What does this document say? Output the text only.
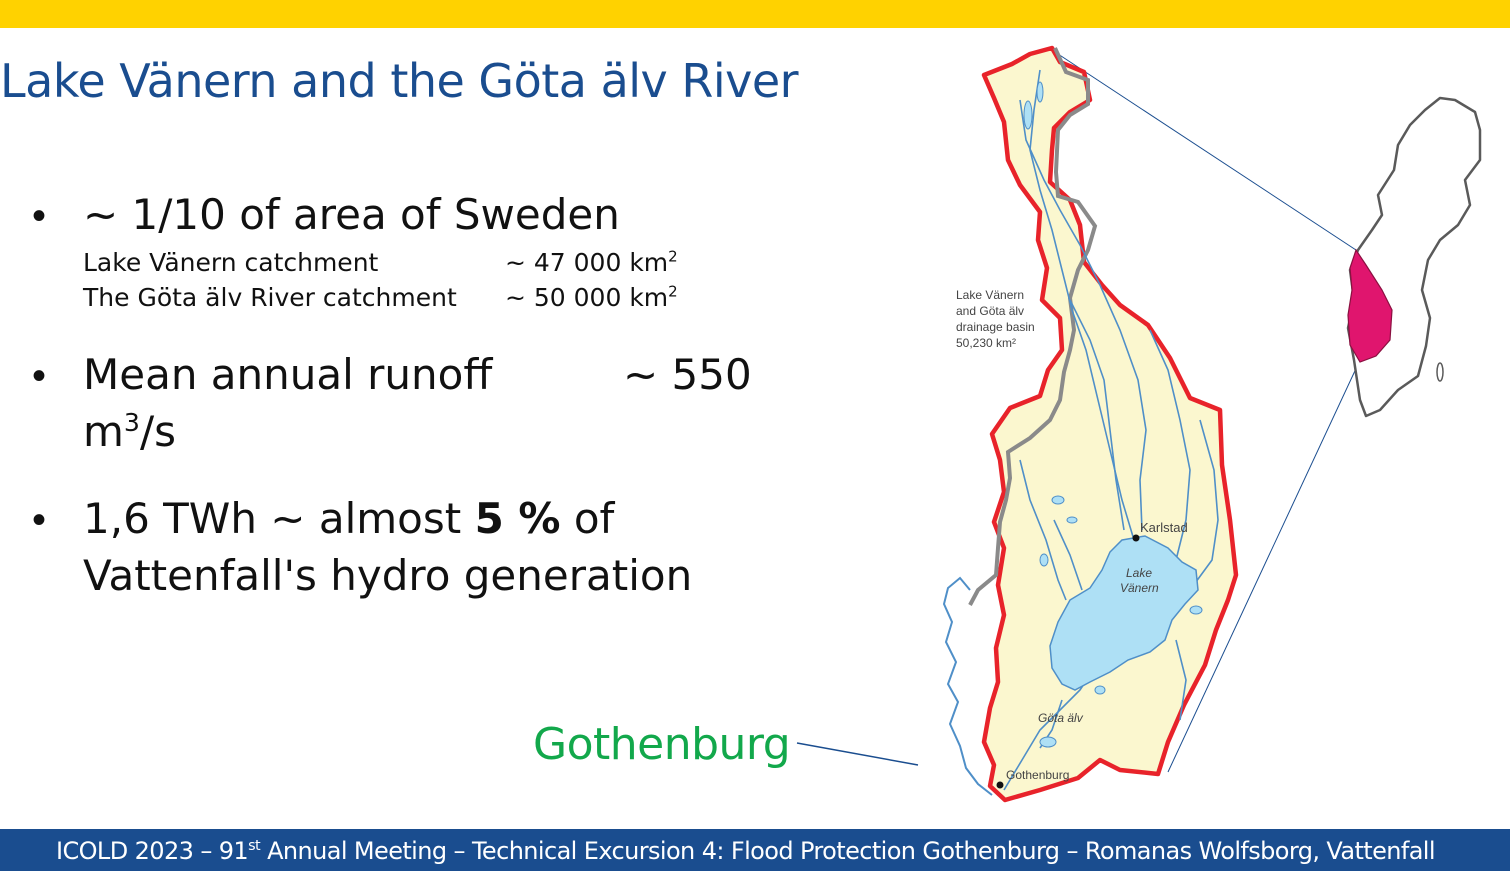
Lake Vänern and the Göta älv River
• ~ 1/10 of area of Sweden
Lake Vänern catchment	~ 47 000 $km^2$
The Göta älv River catchment ~ 50 000 $km^2$
• Mean annual runoff	~ 550
$m^3/s$
• 1,6 TWh ~ almost 5 % of
Vattenfall's hydro generation
Gothenburg
Lake Vänern
and Göta älv
drainage basin
50,230 km²
Karlstad
Lake
Vänern
Göta älv
Gothenburg
ICOLD 2023 – 91st Annual Meeting – Technical Excursion 4: Flood Protection Gothenburg – Romanas Wolfsborg, Vattenfall
